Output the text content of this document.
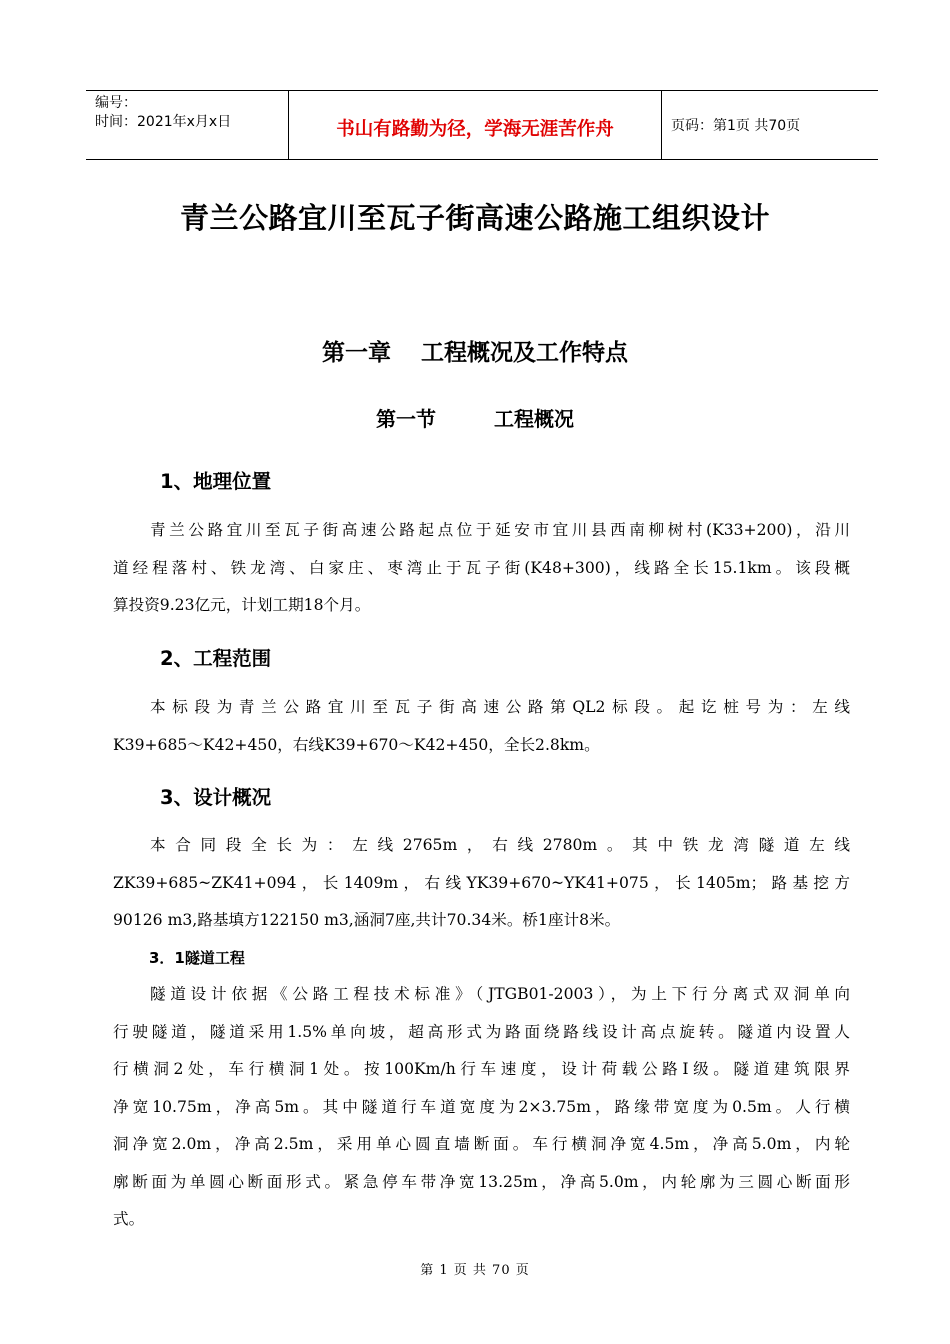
编号：
时间：2021年x月x日	书山有路勤为径，学海无涯苦作舟	页码：第1页 共70页
青兰公路宜川至瓦子街高速公路施工组织设计
第一章 工程概况及工作特点
第一节	工程概况
1、地理位置
青兰公路宜川至瓦子街高速公路起点位于延安市宜川县西南柳树村(K33+200)，沿川
道经程落村、铁龙湾、白家庄、枣湾止于瓦子街(K48+300)，线路全长15.1km。该段概
算投资9.23亿元，计划工期18个月。
2、工程范围
本标段为青兰公路宜川至瓦子街高速公路第QL2标段。起讫桩号为：左线
K39+685～K42+450，右线K39+670～K42+450，全长2.8km。
3、设计概况
本合同段全长为：左线2765m，右线2780m。其中铁龙湾隧道左线
ZK39+685~ZK41+094，长1409m，右线YK39+670~YK41+075，长1405m；路基挖方
90126 m3,路基填方122150 m3,涵洞7座,共计70.34米。桥1座计8米。
3．1隧道工程
隧道设计依据《公路工程技术标准》（JTGB01-2003），为上下行分离式双洞单向
行驶隧道，隧道采用1.5%单向坡，超高形式为路面绕路线设计高点旋转。隧道内设置人
行横洞2处，车行横洞1处。按100Km/h行车速度，设计荷载公路I级。隧道建筑限界
净宽10.75m，净高5m。其中隧道行车道宽度为2×3.75m，路缘带宽度为0.5m。人行横
洞净宽2.0m，净高2.5m，采用单心圆直墙断面。车行横洞净宽4.5m，净高5.0m，内轮
廓断面为单圆心断面形式。紧急停车带净宽13.25m，净高5.0m，内轮廓为三圆心断面形
式。
第 1 页 共 70 页
